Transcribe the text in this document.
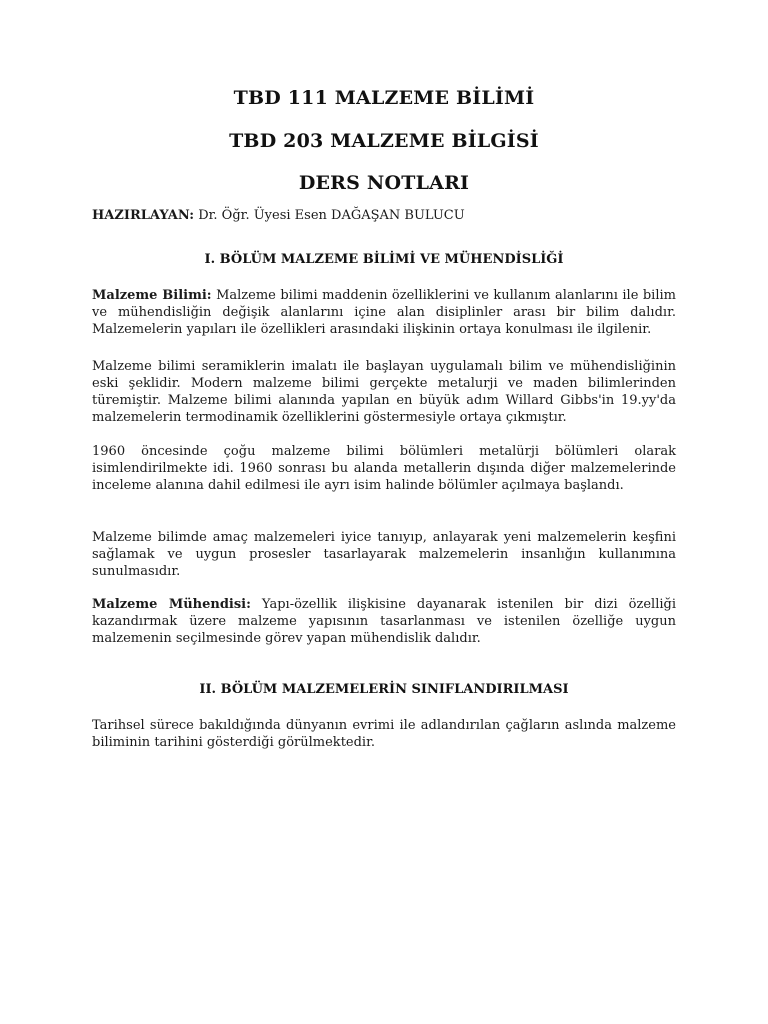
TBD 111 MALZEME BİLİMİ
TBD 203 MALZEME BİLGİSİ
DERS NOTLARI
HAZIRLAYAN: Dr. Öğr. Üyesi Esen DAĞAŞAN BULUCU
I. BÖLÜM MALZEME BİLİMİ VE MÜHENDİSLİĞİ

Malzeme Bilimi: Malzeme bilimi maddenin özelliklerini ve kullanım alanlarını ile bilim ve mühendisliğin değişik alanlarını içine alan disiplinler arası bir bilim dalıdır. Malzemelerin yapıları ile özellikleri arasındaki ilişkinin ortaya konulması ile ilgilenir.

Malzeme bilimi seramiklerin imalatı ile başlayan uygulamalı bilim ve mühendisliğinin eski şeklidir. Modern malzeme bilimi gerçekte metalurji ve maden bilimlerinden türemiştir. Malzeme bilimi alanında yapılan en büyük adım Willard Gibbs'in 19.yy'da malzemelerin termodinamik özelliklerini göstermesiyle ortaya çıkmıştır.

1960 öncesinde çoğu malzeme bilimi bölümleri metalürji bölümleri olarak isimlendirilmekte idi. 1960 sonrası bu alanda metallerin dışında diğer malzemelerinde inceleme alanına dahil edilmesi ile ayrı isim halinde bölümler açılmaya başlandı.

Malzeme bilimde amaç malzemeleri iyice tanıyıp, anlayarak yeni malzemelerin keşfini sağlamak ve uygun prosesler tasarlayarak malzemelerin insanlığın kullanımına sunulmasıdır.

Malzeme Mühendisi: Yapı-özellik ilişkisine dayanarak istenilen bir dizi özelliği kazandırmak üzere malzeme yapısının tasarlanması ve istenilen özelliğe uygun malzemenin seçilmesinde görev yapan mühendislik dalıdır.

II. BÖLÜM MALZEMELERİN SINIFLANDIRILMASI

Tarihsel sürece bakıldığında dünyanın evrimi ile adlandırılan çağların aslında malzeme biliminin tarihini gösterdiği görülmektedir.
